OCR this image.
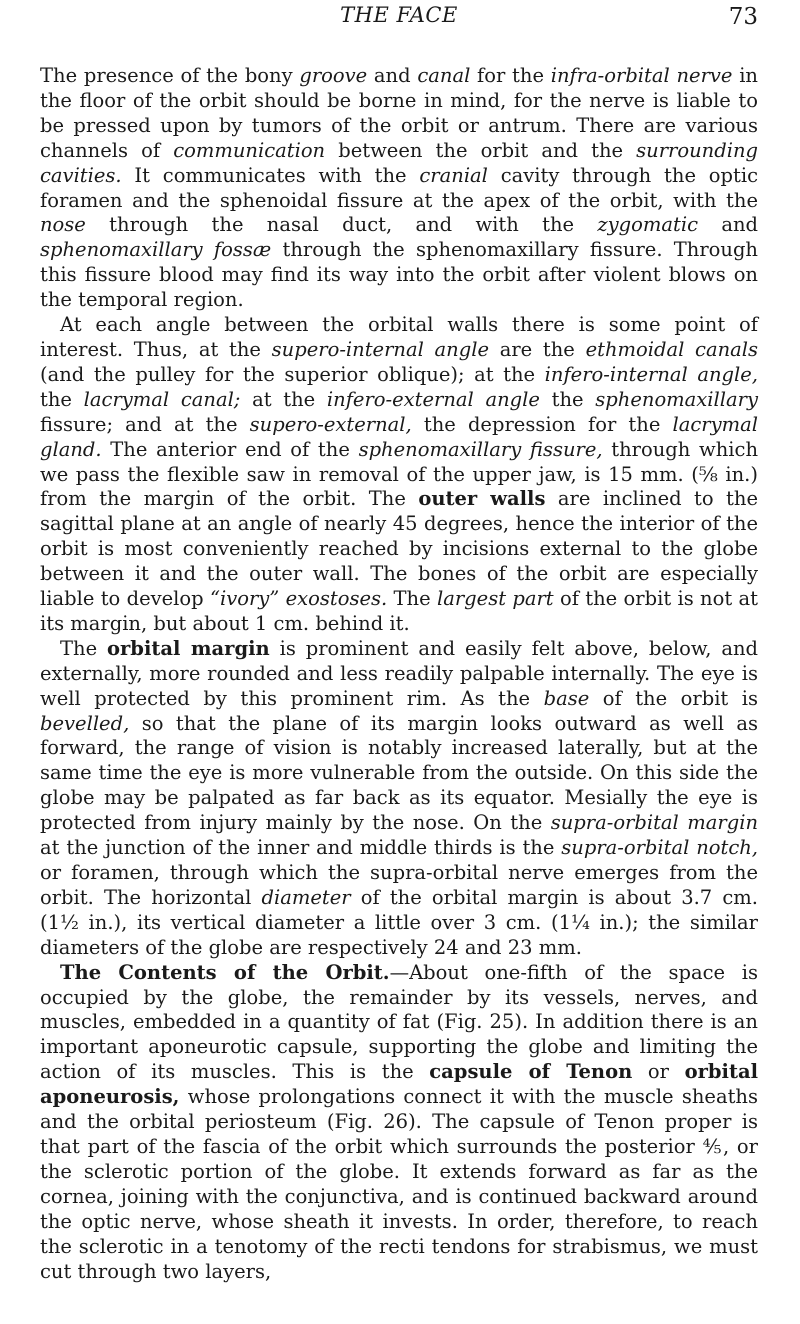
THE FACE	73

The presence of the bony groove and canal for the infra-orbital nerve in the floor of the orbit should be borne in mind, for the nerve is liable to be pressed upon by tumors of the orbit or antrum. There are various channels of communication between the orbit and the surrounding cavities. It communicates with the cranial cavity through the optic foramen and the sphenoidal fissure at the apex of the orbit, with the nose through the nasal duct, and with the zygomatic and sphenomaxillary fossæ through the sphenomaxillary fissure. Through this fissure blood may find its way into the orbit after violent blows on the temporal region.

At each angle between the orbital walls there is some point of interest. Thus, at the supero-internal angle are the ethmoidal canals (and the pulley for the superior oblique); at the infero-internal angle, the lacrymal canal; at the infero-external angle the sphenomaxillary fissure; and at the supero-external, the depression for the lacrymal gland. The anterior end of the sphenomaxillary fissure, through which we pass the flexible saw in removal of the upper jaw, is 15 mm. (⅝ in.) from the margin of the orbit. The outer walls are inclined to the sagittal plane at an angle of nearly 45 degrees, hence the interior of the orbit is most conveniently reached by incisions external to the globe between it and the outer wall. The bones of the orbit are especially liable to develop “ivory” exostoses. The largest part of the orbit is not at its margin, but about 1 cm. behind it.

The orbital margin is prominent and easily felt above, below, and externally, more rounded and less readily palpable internally. The eye is well protected by this prominent rim. As the base of the orbit is bevelled, so that the plane of its margin looks outward as well as forward, the range of vision is notably increased laterally, but at the same time the eye is more vulnerable from the outside. On this side the globe may be palpated as far back as its equator. Mesially the eye is protected from injury mainly by the nose. On the supra-orbital margin at the junction of the inner and middle thirds is the supra-orbital notch, or foramen, through which the supra-orbital nerve emerges from the orbit. The horizontal diameter of the orbital margin is about 3.7 cm. (1½ in.), its vertical diameter a little over 3 cm. (1¼ in.); the similar diameters of the globe are respectively 24 and 23 mm.

The Contents of the Orbit.—About one-fifth of the space is occupied by the globe, the remainder by its vessels, nerves, and muscles, embedded in a quantity of fat (Fig. 25). In addition there is an important aponeurotic capsule, supporting the globe and limiting the action of its muscles. This is the capsule of Tenon or orbital aponeurosis, whose prolongations connect it with the muscle sheaths and the orbital periosteum (Fig. 26). The capsule of Tenon proper is that part of the fascia of the orbit which surrounds the posterior ⅘, or the sclerotic portion of the globe. It extends forward as far as the cornea, joining with the conjunctiva, and is continued backward around the optic nerve, whose sheath it invests. In order, therefore, to reach the sclerotic in a tenotomy of the recti tendons for strabismus, we must cut through two layers,
